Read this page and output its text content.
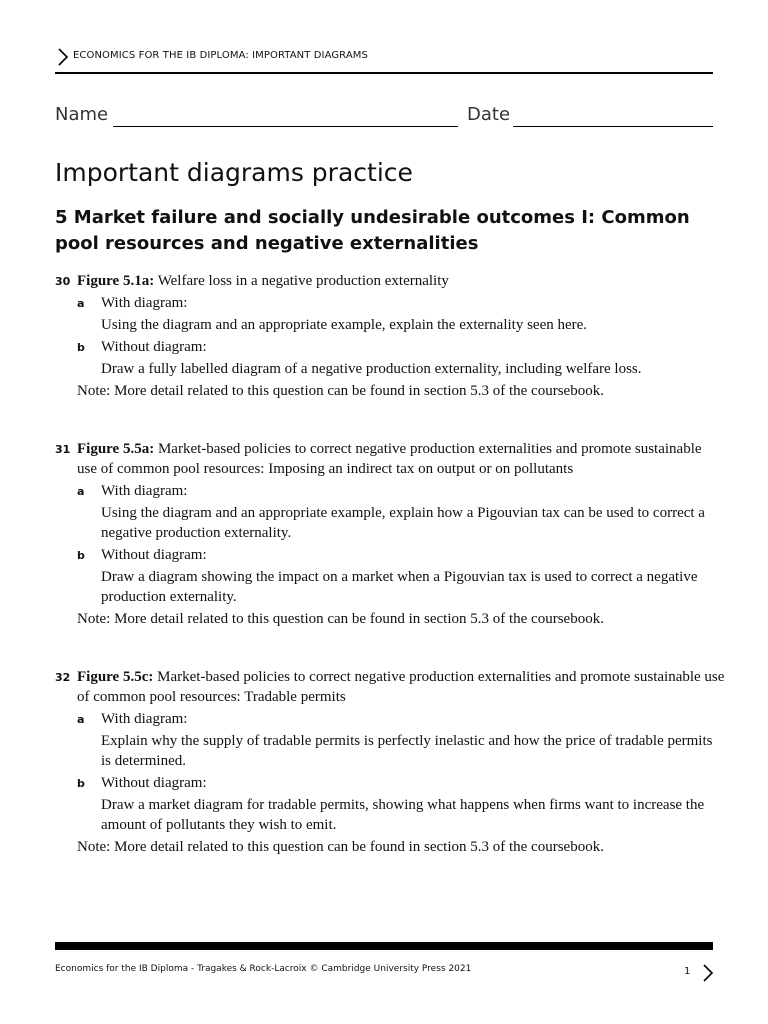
ECONOMICS FOR THE IB DIPLOMA: IMPORTANT DIAGRAMS
Name	Date
Important diagrams practice
5 Market failure and socially undesirable outcomes I: Common pool resources and negative externalities
30 Figure 5.1a: Welfare loss in a negative production externality
a With diagram:
Using the diagram and an appropriate example, explain the externality seen here.
b Without diagram:
Draw a fully labelled diagram of a negative production externality, including welfare loss.
Note: More detail related to this question can be found in section 5.3 of the coursebook.
31 Figure 5.5a: Market-based policies to correct negative production externalities and promote sustainable use of common pool resources: Imposing an indirect tax on output or on pollutants
a With diagram:
Using the diagram and an appropriate example, explain how a Pigouvian tax can be used to correct a negative production externality.
b Without diagram:
Draw a diagram showing the impact on a market when a Pigouvian tax is used to correct a negative production externality.
Note: More detail related to this question can be found in section 5.3 of the coursebook.
32 Figure 5.5c: Market-based policies to correct negative production externalities and promote sustainable use of common pool resources: Tradable permits
a With diagram:
Explain why the supply of tradable permits is perfectly inelastic and how the price of tradable permits is determined.
b Without diagram:
Draw a market diagram for tradable permits, showing what happens when firms want to increase the amount of pollutants they wish to emit.
Note: More detail related to this question can be found in section 5.3 of the coursebook.
Economics for the IB Diploma - Tragakes & Rock-Lacroix © Cambridge University Press 2021	1
